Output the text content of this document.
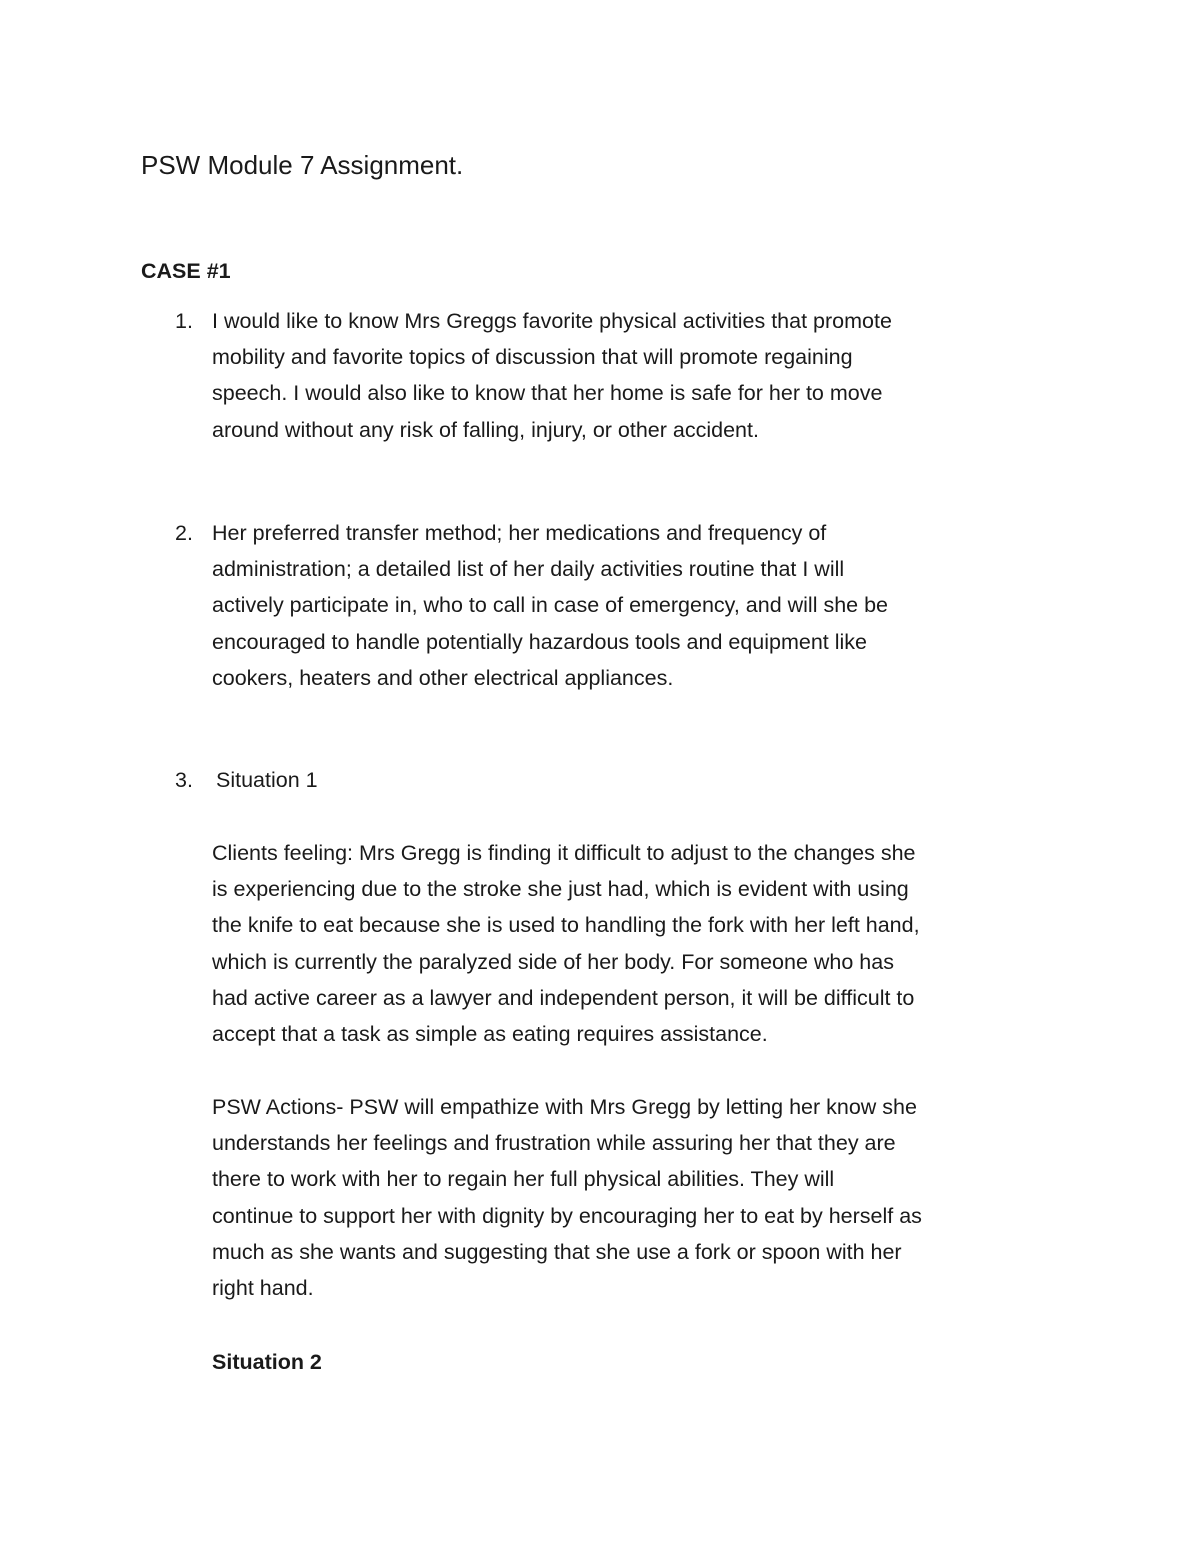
PSW Module 7 Assignment.
CASE #1
1. I would like to know Mrs Greggs favorite physical activities that promote
mobility and favorite topics of discussion that will promote regaining
speech. I would also like to know that her home is safe for her to move
around without any risk of falling, injury, or other accident.
2. Her preferred transfer method; her medications and frequency of
administration; a detailed list of her daily activities routine that I will
actively participate in, who to call in case of emergency, and will she be
encouraged to handle potentially hazardous tools and equipment like
cookers, heaters and other electrical appliances.
3. Situation 1
Clients feeling: Mrs Gregg is finding it difficult to adjust to the changes she
is experiencing due to the stroke she just had, which is evident with using
the knife to eat because she is used to handling the fork with her left hand,
which is currently the paralyzed side of her body. For someone who has
had active career as a lawyer and independent person, it will be difficult to
accept that a task as simple as eating requires assistance.
PSW Actions- PSW will empathize with Mrs Gregg by letting her know she
understands her feelings and frustration while assuring her that they are
there to work with her to regain her full physical abilities. They will
continue to support her with dignity by encouraging her to eat by herself as
much as she wants and suggesting that she use a fork or spoon with her
right hand.
Situation 2
